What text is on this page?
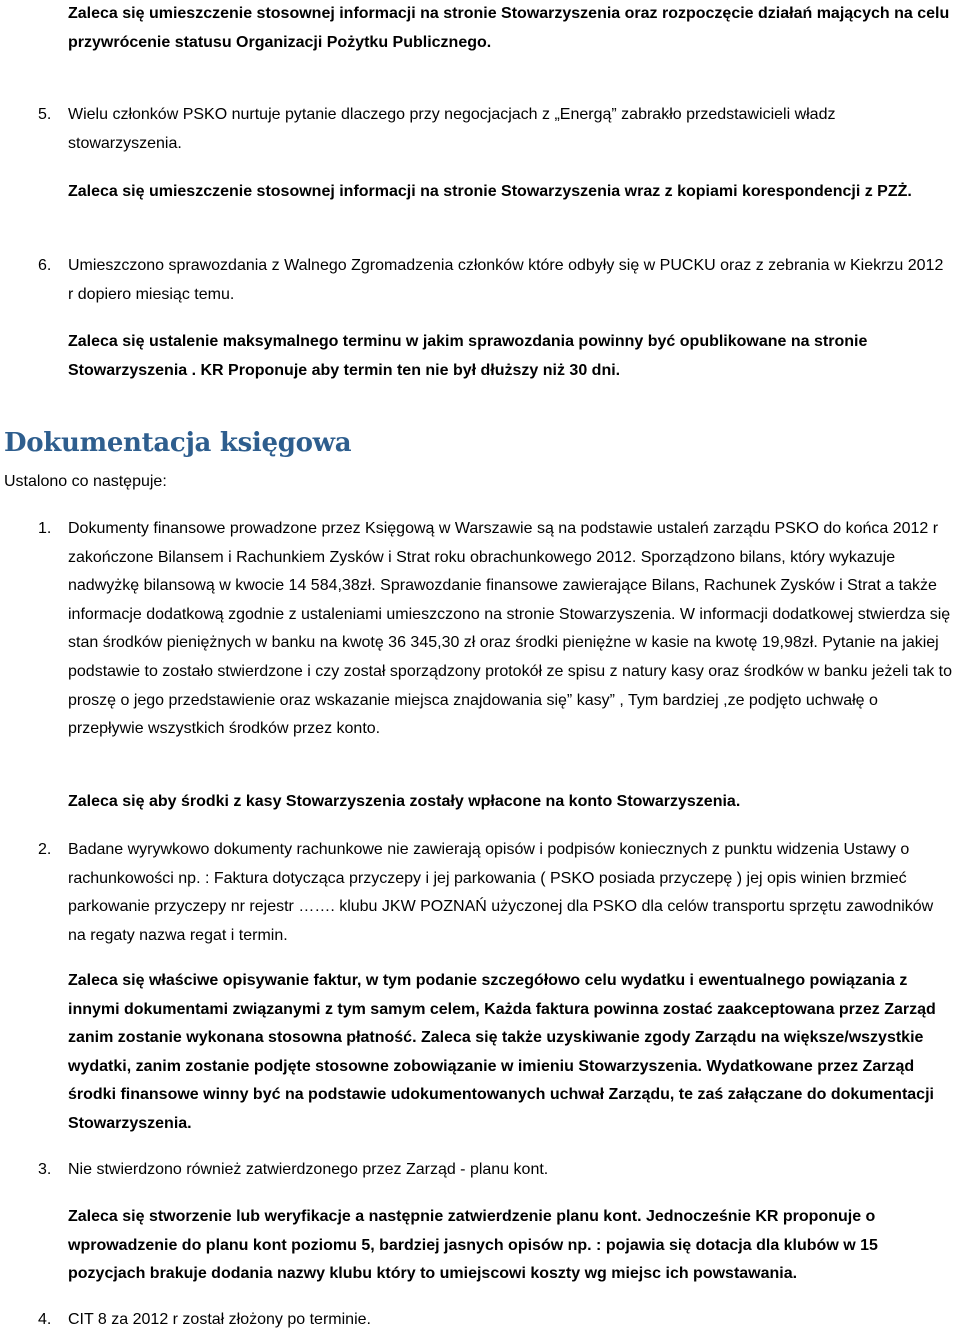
Zaleca się umieszczenie stosownej informacji na stronie Stowarzyszenia oraz rozpoczęcie działań mających na celu przywrócenie statusu Organizacji Pożytku Publicznego.
5.	Wielu członków PSKO nurtuje pytanie dlaczego przy negocjacjach z „Energą” zabrakło przedstawicieli władz stowarzyszenia.
Zaleca się umieszczenie stosownej informacji na stronie Stowarzyszenia wraz z kopiami korespondencji z PZŻ.
6.	Umieszczono sprawozdania z Walnego Zgromadzenia członków które odbyły się w PUCKU oraz z zebrania w Kiekrzu 2012 r dopiero miesiąc temu.
Zaleca się ustalenie maksymalnego terminu w jakim sprawozdania powinny być opublikowane na stronie Stowarzyszenia . KR Proponuje aby termin ten nie był dłuższy niż 30 dni.
Dokumentacja księgowa
Ustalono co następuje:
1.	Dokumenty finansowe prowadzone przez Księgową w Warszawie są na podstawie ustaleń zarządu PSKO do końca 2012 r zakończone Bilansem i Rachunkiem Zysków i Strat roku obrachunkowego 2012. Sporządzono bilans, który wykazuje nadwyżkę bilansową w kwocie 14 584,38zł. Sprawozdanie finansowe zawierające Bilans, Rachunek Zysków i Strat a także informacje dodatkową zgodnie z ustaleniami umieszczono na stronie Stowarzyszenia. W informacji dodatkowej stwierdza się stan środków pieniężnych w banku na kwotę 36 345,30 zł oraz środki pieniężne w kasie na kwotę 19,98zł. Pytanie na jakiej podstawie to zostało stwierdzone i czy został sporządzony protokół ze spisu z natury kasy oraz środków w banku jeżeli tak to proszę o jego przedstawienie oraz wskazanie miejsca znajdowania się” kasy” , Tym bardziej ,ze podjęto uchwałę o przepływie wszystkich środków przez konto.
Zaleca się aby środki z kasy Stowarzyszenia zostały wpłacone na konto Stowarzyszenia.
2.	Badane wyrywkowo dokumenty rachunkowe nie zawierają opisów i podpisów koniecznych z punktu widzenia Ustawy o rachunkowości np. : Faktura dotycząca przyczepy i jej parkowania ( PSKO posiada przyczepę ) jej opis winien brzmieć parkowanie przyczepy nr rejestr ……. klubu JKW POZNAŃ użyczonej dla PSKO dla celów transportu sprzętu zawodników na regaty nazwa regat i termin.
Zaleca się właściwe opisywanie faktur, w tym podanie szczegółowo celu wydatku i ewentualnego powiązania z innymi dokumentami związanymi z tym samym celem, Każda faktura powinna zostać zaakceptowana przez Zarząd zanim zostanie wykonana stosowna płatność. Zaleca się także uzyskiwanie zgody Zarządu na większe/wszystkie wydatki, zanim zostanie podjęte stosowne zobowiązanie w imieniu Stowarzyszenia. Wydatkowane przez Zarząd środki finansowe winny być na podstawie udokumentowanych uchwał Zarządu, te zaś załączane do dokumentacji Stowarzyszenia.
3.	Nie stwierdzono również zatwierdzonego przez Zarząd - planu kont.
Zaleca się stworzenie lub weryfikacje a następnie zatwierdzenie planu kont. Jednocześnie KR proponuje o wprowadzenie do planu kont poziomu 5, bardziej jasnych opisów np. : pojawia się dotacja dla klubów w 15 pozycjach brakuje dodania nazwy klubu który to umiejscowi koszty wg miejsc ich powstawania.
4.	CIT 8 za 2012 r został złożony po terminie.
